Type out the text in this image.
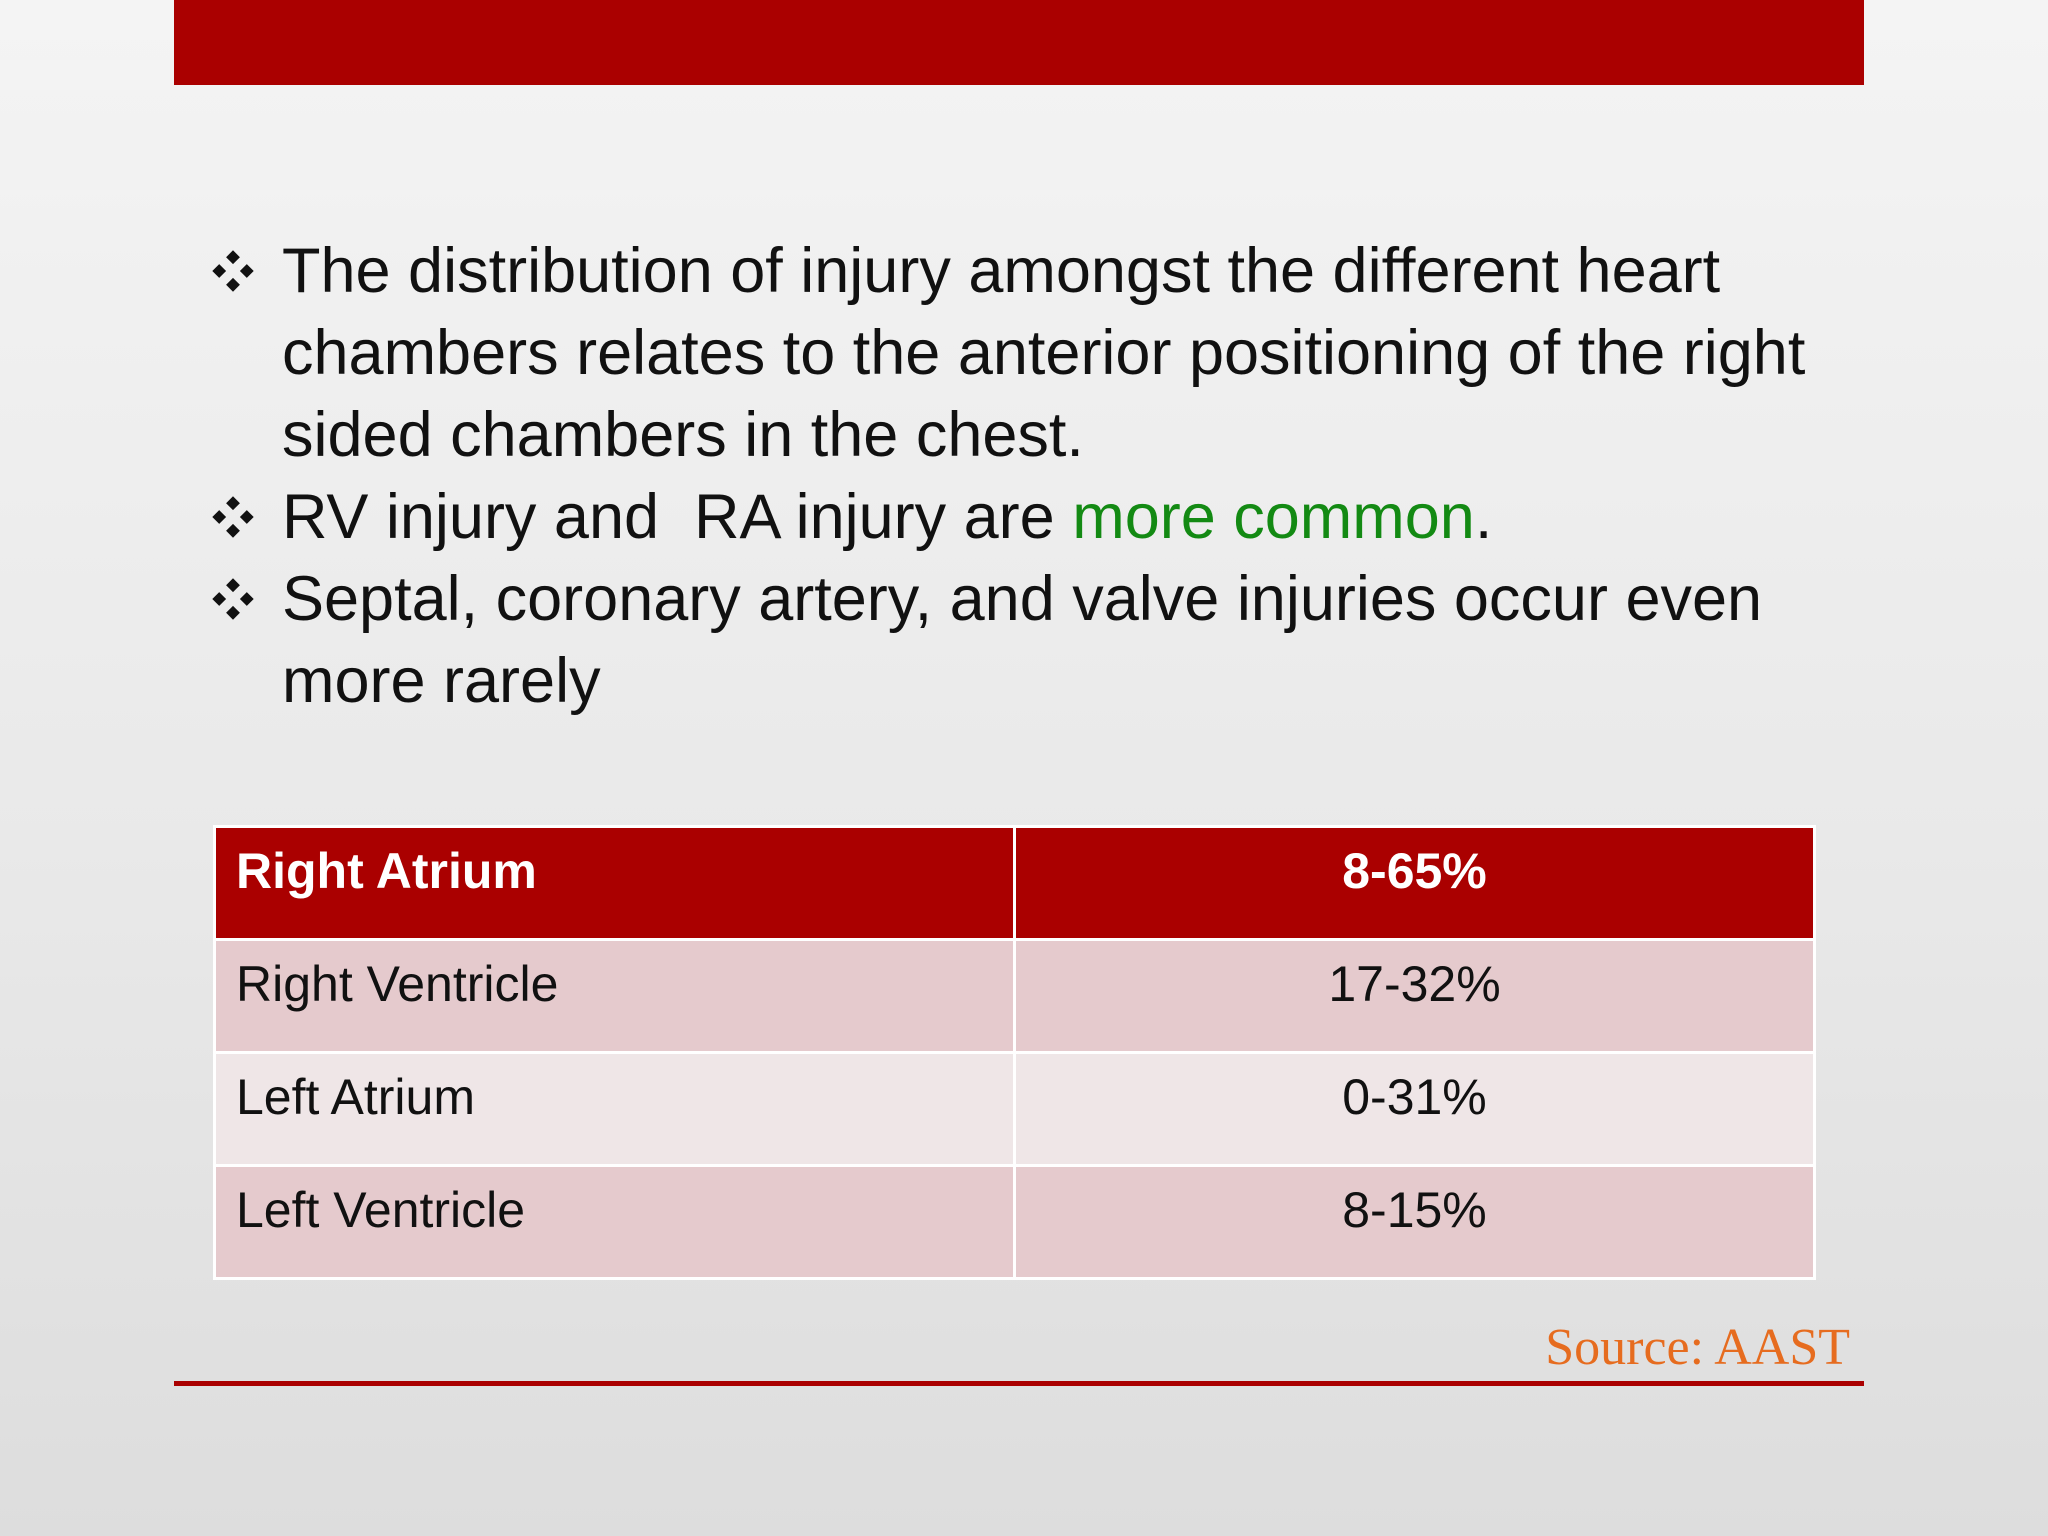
The distribution of injury amongst the different heart chambers relates to the anterior positioning of the right sided chambers in the chest.
RV injury and  RA injury are more common.
Septal, coronary artery, and valve injuries occur even more rarely
Right Atrium	8-65%
Right Ventricle	17-32%
Left Atrium	0-31%
Left Ventricle	8-15%
Source: AAST
